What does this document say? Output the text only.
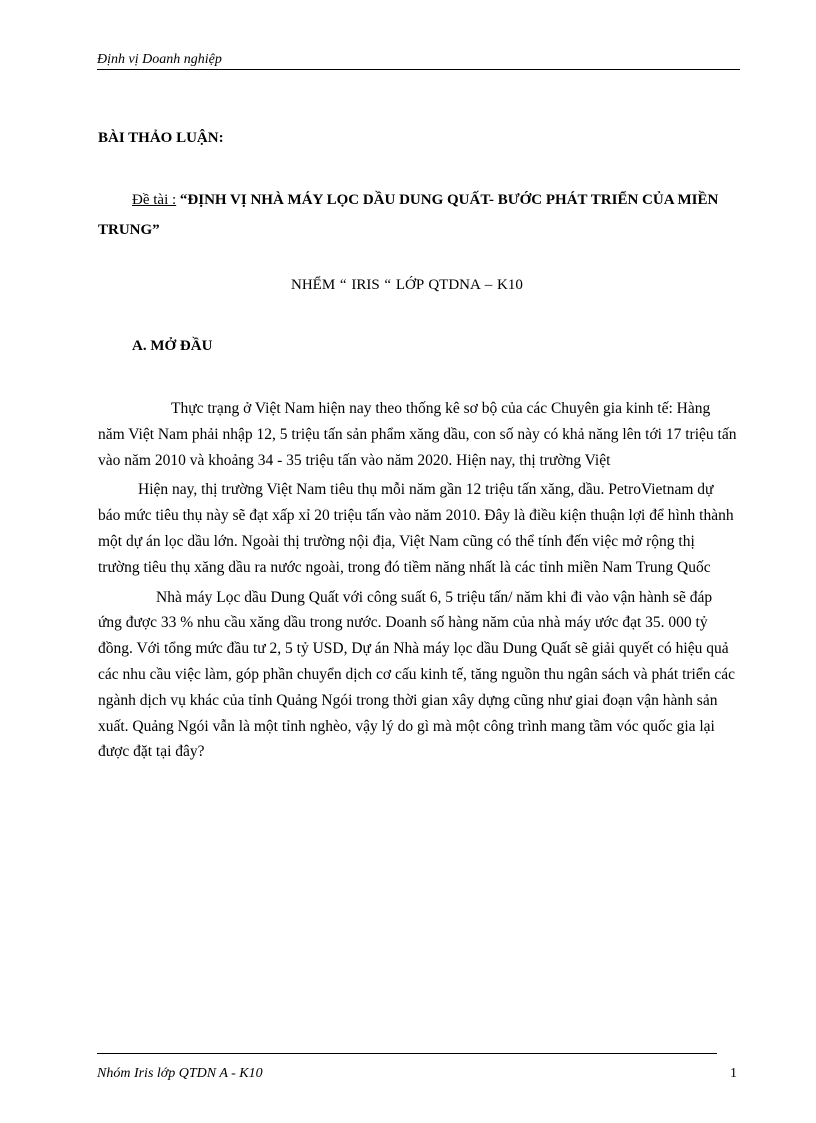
Định vị Doanh nghiệp
BÀI THẢO LUẬN:
Đề tài : “ĐỊNH VỊ NHÀ MÁY LỌC DẦU DUNG QUẤT- BƯỚC PHÁT TRIỂN CỦA MIỀN TRUNG”
NHỂM “ IRIS “ LỚP QTDNA – K10
A. MỞ ĐẦU

Thực trạng ở Việt Nam hiện nay theo thống kê sơ bộ của các Chuyên gia kinh tế: Hàng năm Việt Nam phải nhập 12, 5 triệu tấn sản phẩm xăng dầu, con số này có khả năng lên tới 17 triệu tấn vào năm 2010 và khoảng 34 - 35 triệu tấn vào năm 2020. Hiện nay, thị trường Việt

Hiện nay, thị trường Việt Nam tiêu thụ mỗi năm gần 12 triệu tấn xăng, dầu. PetroVietnam dự báo mức tiêu thụ này sẽ đạt xấp xỉ 20 triệu tấn vào năm 2010. Đây là điều kiện thuận lợi để hình thành một dự án lọc dầu lớn. Ngoài thị trường nội địa, Việt Nam cũng có thể tính đến việc mở rộng thị trường tiêu thụ xăng dầu ra nước ngoài, trong đó tiềm năng nhất là các tỉnh miền Nam Trung Quốc

Nhà máy Lọc dầu Dung Quất với công suất 6, 5 triệu tấn/ năm khi đi vào vận hành sẽ đáp ứng được 33 % nhu cầu xăng dầu trong nước. Doanh số hàng năm của nhà máy ước đạt 35. 000 tỷ đồng. Với tổng mức đầu tư 2, 5 tỷ USD, Dự án Nhà máy lọc dầu Dung Quất sẽ giải quyết có hiệu quả các nhu cầu việc làm, góp phần chuyển dịch cơ cấu kinh tế, tăng nguồn thu ngân sách và phát triển các ngành dịch vụ khác của tỉnh Quảng Ngói trong thời gian xây dựng cũng như giai đoạn vận hành sản xuất. Quảng Ngói vẫn là một tỉnh nghèo, vậy lý do gì mà một công trình mang tầm vóc quốc gia lại được đặt tại đây?

Nhóm Iris lớp QTDN A - K10	1
